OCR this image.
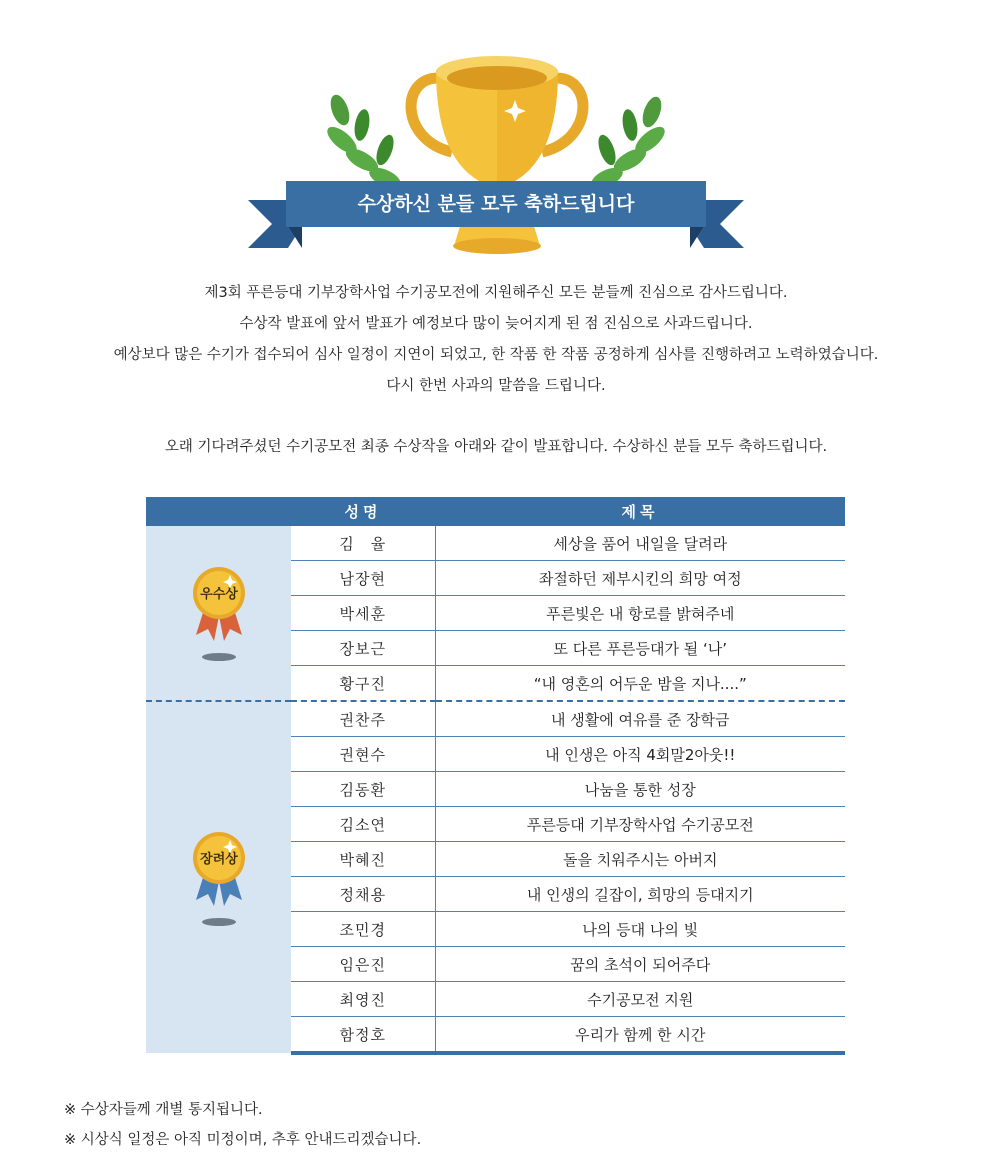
수상하신 분들 모두 축하드립니다

제3회 푸른등대 기부장학사업 수기공모전에 지원해주신 모든 분들께 진심으로 감사드립니다.

수상작 발표에 앞서 발표가 예정보다 많이 늦어지게 된 점 진심으로 사과드립니다.

예상보다 많은 수기가 접수되어 심사 일정이 지연이 되었고, 한 작품 한 작품 공정하게 심사를 진행하려고 노력하였습니다.

다시 한번 사과의 말씀을 드립니다.

오래 기다려주셨던 수기공모전 최종 수상작을 아래와 같이 발표합니다. 수상하신 분들 모두 축하드립니다.

	성명	제목

우수상	김　율	세상을 품어 내일을 달려라
	남장현	좌절하던 제부시킨의 희망 여정
	박세훈	푸른빛은 내 항로를 밝혀주네
	장보근	또 다른 푸른등대가 될 ‘나’
	황구진	“내 영혼의 어두운 밤을 지나....”

장려상	권찬주	내 생활에 여유를 준 장학금
	권현수	내 인생은 아직 4회말2아웃!!
	김동환	나눔을 통한 성장
	김소연	푸른등대 기부장학사업 수기공모전
	박혜진	돌을 치워주시는 아버지
	정채용	내 인생의 길잡이, 희망의 등대지기
	조민경	나의 등대 나의 빛
	임은진	꿈의 초석이 되어주다
	최영진	수기공모전 지원
	함정호	우리가 함께 한 시간

※ 수상자들께 개별 통지됩니다.

※ 시상식 일정은 아직 미정이며, 추후 안내드리겠습니다.
